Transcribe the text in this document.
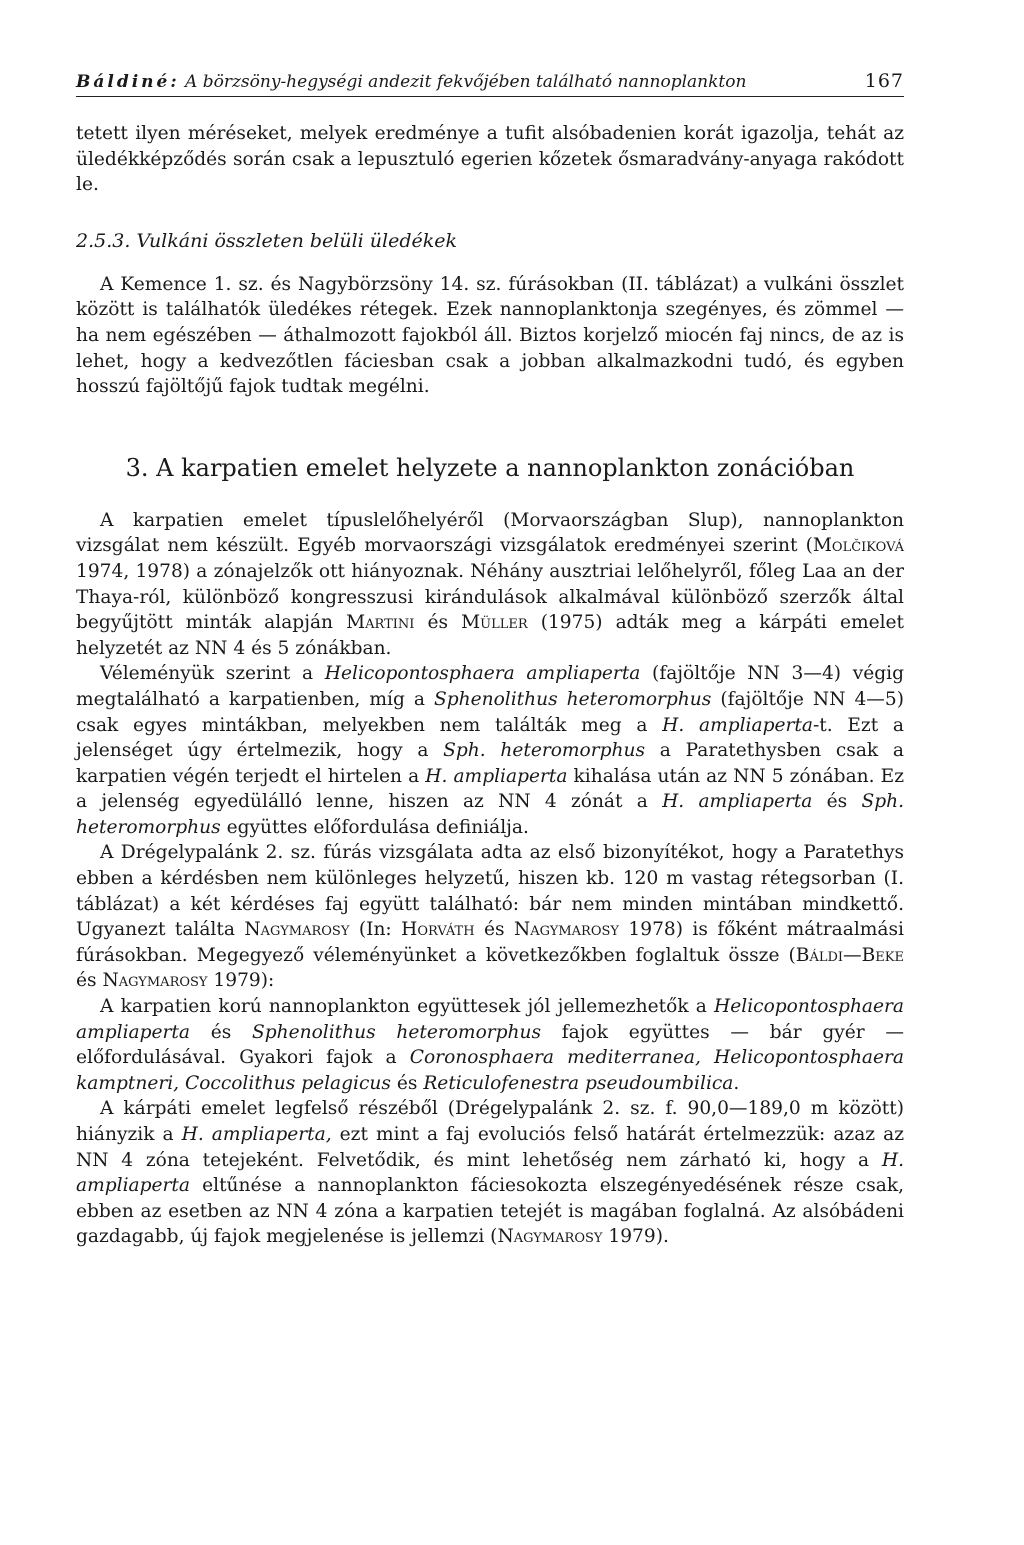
Báldiné: A börzsöny-hegységi andezit fekvőjében található nannoplankton	167

tetett ilyen méréseket, melyek eredménye a tufit alsóbadenien korát igazolja, tehát az üledékképződés során csak a lepusztuló egerien kőzetek ősmaradvány-anyaga rakódott le.

2.5.3. Vulkáni összleten belüli üledékek

A Kemence 1. sz. és Nagybörzsöny 14. sz. fúrásokban (II. táblázat) a vulkáni összlet között is találhatók üledékes rétegek. Ezek nannoplanktonja szegényes, és zömmel — ha nem egészében — áthalmozott fajokból áll. Biztos korjelző miocén faj nincs, de az is lehet, hogy a kedvezőtlen fáciesban csak a jobban alkalmazkodni tudó, és egyben hosszú fajöltőjű fajok tudtak megélni.

3. A karpatien emelet helyzete a nannoplankton zonációban

A karpatien emelet típuslelőhelyéről (Morvaországban Slup), nannoplankton vizsgálat nem készült. Egyéb morvaországi vizsgálatok eredményei szerint (Molčiková 1974, 1978) a zónajelzők ott hiányoznak. Néhány ausztriai lelőhelyről, főleg Laa an der Thaya-ról, különböző kongresszusi kirándulások alkalmával különböző szerzők által begyűjtött minták alapján Martini és Müller (1975) adták meg a kárpáti emelet helyzetét az NN 4 és 5 zónákban.

Véleményük szerint a Helicopontosphaera ampliaperta (fajöltője NN 3—4) végig megtalálható a karpatienben, míg a Sphenolithus heteromorphus (fajöltője NN 4—5) csak egyes mintákban, melyekben nem találták meg a H. ampliaperta-t. Ezt a jelenséget úgy értelmezik, hogy a Sph. heteromorphus a Paratethysben csak a karpatien végén terjedt el hirtelen a H. ampliaperta kihalása után az NN 5 zónában. Ez a jelenség egyedülálló lenne, hiszen az NN 4 zónát a H. ampliaperta és Sph. heteromorphus együttes előfordulása definiálja.

A Drégelypalánk 2. sz. fúrás vizsgálata adta az első bizonyítékot, hogy a Paratethys ebben a kérdésben nem különleges helyzetű, hiszen kb. 120 m vastag rétegsorban (I. táblázat) a két kérdéses faj együtt található: bár nem minden mintában mindkettő. Ugyanezt találta Nagymarosy (In: Horváth és Nagymarosy 1978) is főként mátraalmási fúrásokban. Megegyező véleményünket a következőkben foglaltuk össze (Báldi—Beke és Nagymarosy 1979):

A karpatien korú nannoplankton együttesek jól jellemezhetők a Helicopontosphaera ampliaperta és Sphenolithus heteromorphus fajok együttes — bár gyér — előfordulásával. Gyakori fajok a Coronosphaera mediterranea, Helicopontosphaera kamptneri, Coccolithus pelagicus és Reticulofenestra pseudoumbilica.

A kárpáti emelet legfelső részéből (Drégelypalánk 2. sz. f. 90,0—189,0 m között) hiányzik a H. ampliaperta, ezt mint a faj evoluciós felső határát értelmezzük: azaz az NN 4 zóna tetejeként. Felvetődik, és mint lehetőség nem zárható ki, hogy a H. ampliaperta eltűnése a nannoplankton fáciesokozta elszegényedésének része csak, ebben az esetben az NN 4 zóna a karpatien tetejét is magában foglalná. Az alsóbádeni gazdagabb, új fajok megjelenése is jellemzi (Nagymarosy 1979).
